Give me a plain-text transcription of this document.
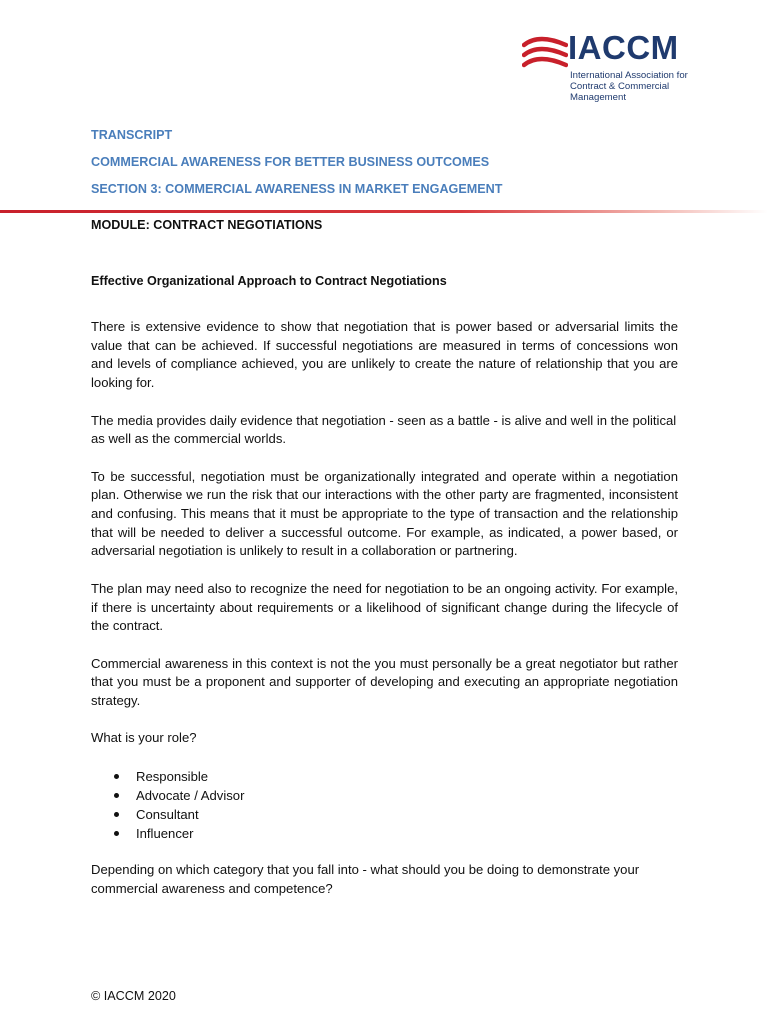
IACCM
International Association for Contract & Commercial Management
TRANSCRIPT
COMMERCIAL AWARENESS FOR BETTER BUSINESS OUTCOMES
SECTION 3: COMMERCIAL AWARENESS IN MARKET ENGAGEMENT
MODULE: CONTRACT NEGOTIATIONS
Effective Organizational Approach to Contract Negotiations

There is extensive evidence to show that negotiation that is power based or adversarial limits the value that can be achieved. If successful negotiations are measured in terms of concessions won and levels of compliance achieved, you are unlikely to create the nature of relationship that you are looking for.

The media provides daily evidence that negotiation - seen as a battle - is alive and well in the political as well as the commercial worlds.

To be successful, negotiation must be organizationally integrated and operate within a negotiation plan. Otherwise we run the risk that our interactions with the other party are fragmented, inconsistent and confusing. This means that it must be appropriate to the type of transaction and the relationship that will be needed to deliver a successful outcome. For example, as indicated, a power based, or adversarial negotiation is unlikely to result in a collaboration or partnering.

The plan may need also to recognize the need for negotiation to be an ongoing activity. For example, if there is uncertainty about requirements or a likelihood of significant change during the lifecycle of the contract.

Commercial awareness in this context is not the you must personally be a great negotiator but rather that you must be a proponent and supporter of developing and executing an appropriate negotiation strategy.

What is your role?

Responsible
Advocate / Advisor
Consultant
Influencer

Depending on which category that you fall into - what should you be doing to demonstrate your commercial awareness and competence?

© IACCM 2020
